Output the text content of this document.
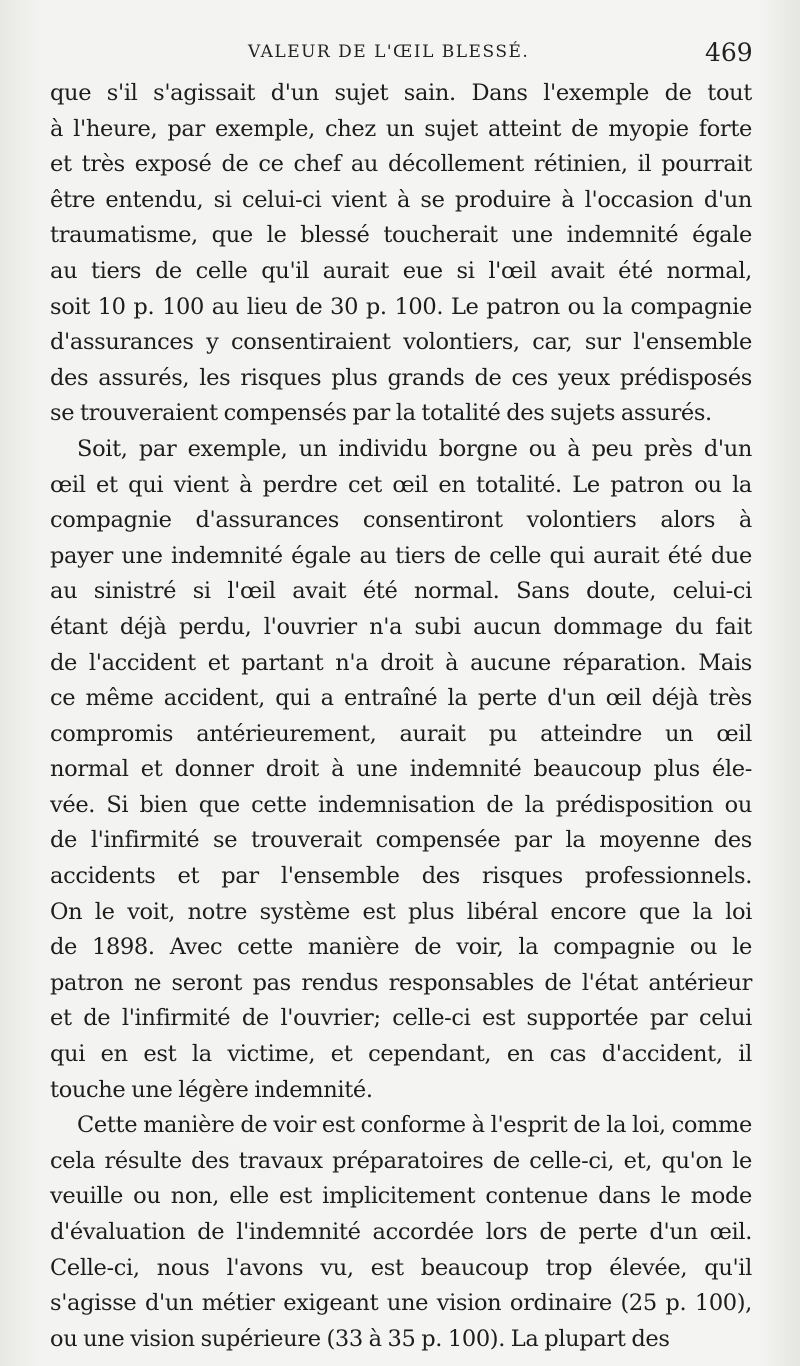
VALEUR DE L'ŒIL BLESSÉ.	469
que s'il s'agissait d'un sujet sain. Dans l'exemple de tout
à l'heure, par exemple, chez un sujet atteint de myopie forte
et très exposé de ce chef au décollement rétinien, il pourrait
être entendu, si celui-ci vient à se produire à l'occasion d'un
traumatisme, que le blessé toucherait une indemnité égale
au tiers de celle qu'il aurait eue si l'œil avait été normal,
soit 10 p. 100 au lieu de 30 p. 100. Le patron ou la compagnie
d'assurances y consentiraient volontiers, car, sur l'ensemble
des assurés, les risques plus grands de ces yeux prédisposés
se trouveraient compensés par la totalité des sujets assurés.
Soit, par exemple, un individu borgne ou à peu près d'un
œil et qui vient à perdre cet œil en totalité. Le patron ou la
compagnie d'assurances consentiront volontiers alors à
payer une indemnité égale au tiers de celle qui aurait été due
au sinistré si l'œil avait été normal. Sans doute, celui-ci
étant déjà perdu, l'ouvrier n'a subi aucun dommage du fait
de l'accident et partant n'a droit à aucune réparation. Mais
ce même accident, qui a entraîné la perte d'un œil déjà très
compromis antérieurement, aurait pu atteindre un œil
normal et donner droit à une indemnité beaucoup plus éle-
vée. Si bien que cette indemnisation de la prédisposition ou
de l'infirmité se trouverait compensée par la moyenne des
accidents et par l'ensemble des risques professionnels.
On le voit, notre système est plus libéral encore que la loi
de 1898. Avec cette manière de voir, la compagnie ou le
patron ne seront pas rendus responsables de l'état antérieur
et de l'infirmité de l'ouvrier; celle-ci est supportée par celui
qui en est la victime, et cependant, en cas d'accident, il
touche une légère indemnité.
Cette manière de voir est conforme à l'esprit de la loi, comme
cela résulte des travaux préparatoires de celle-ci, et, qu'on le
veuille ou non, elle est implicitement contenue dans le mode
d'évaluation de l'indemnité accordée lors de perte d'un œil.
Celle-ci, nous l'avons vu, est beaucoup trop élevée, qu'il
s'agisse d'un métier exigeant une vision ordinaire (25 p. 100),
ou une vision supérieure (33 à 35 p. 100). La plupart des
